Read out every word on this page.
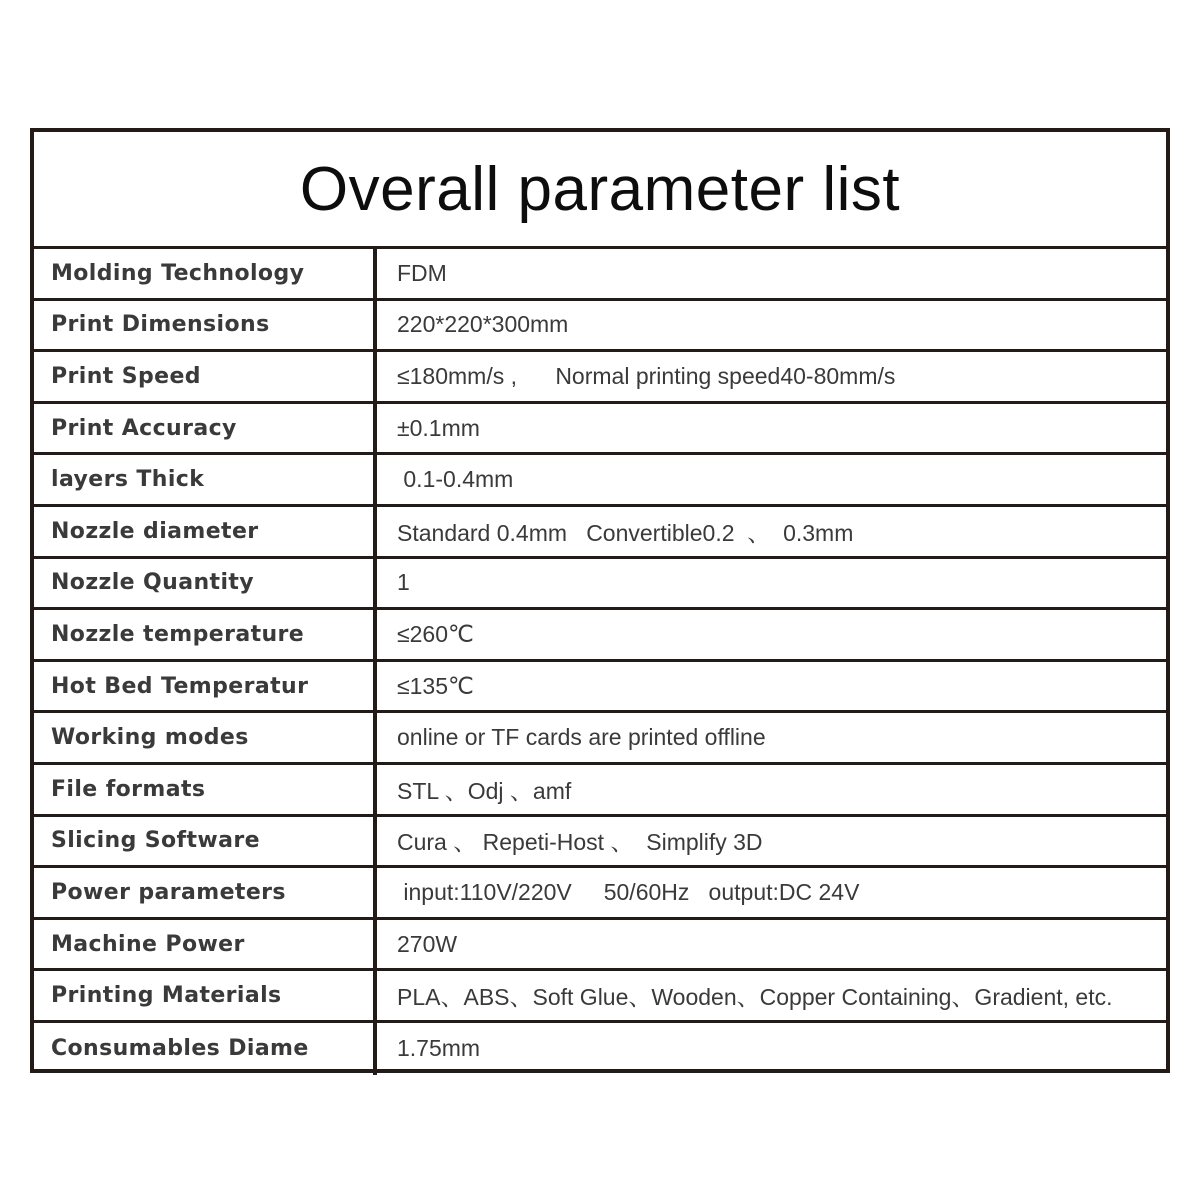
Overall parameter list
Molding Technology	FDM
Print Dimensions	220*220*300mm
Print Speed	≤180mm/s ,      Normal printing speed40-80mm/s
Print Accuracy	±0.1mm
layers Thick	0.1-0.4mm
Nozzle diameter	Standard 0.4mm   Convertible0.2  、  0.3mm
Nozzle Quantity	1
Nozzle temperature	≤260℃
Hot Bed Temperatur	≤135℃
Working modes	online or TF cards are printed offline
File formats	STL 、Odj 、amf
Slicing Software	Cura 、 Repeti-Host 、  Simplify 3D
Power parameters	input:110V/220V     50/60Hz   output:DC 24V
Machine Power	270W
Printing Materials	PLA、ABS、Soft Glue、Wooden、Copper Containing、Gradient, etc.
Consumables Diame	1.75mm
